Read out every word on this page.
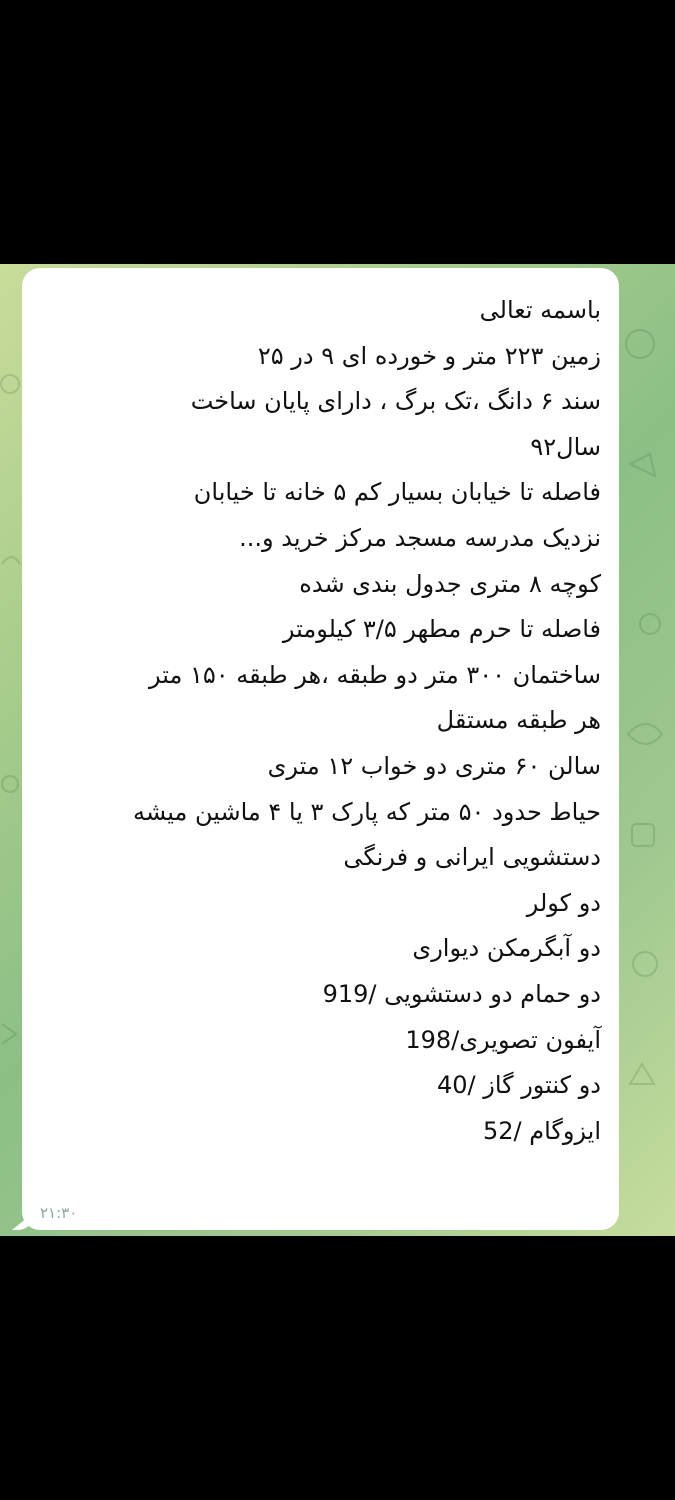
باسمه تعالی
زمین ۲۲۳ متر و خورده ای ۹ در ۲۵
سند ۶ دانگ ،تک برگ ، دارای پایان ساخت
سال۹۲
فاصله تا خیابان بسیار کم ۵ خانه تا خیابان
نزدیک مدرسه مسجد مرکز خرید و...
کوچه ۸ متری جدول بندی شده
فاصله تا حرم مطهر ۳/۵ کیلومتر
ساختمان ۳۰۰ متر دو طبقه ،هر طبقه ۱۵۰ متر
هر طبقه مستقل
سالن ۶۰ متری دو خواب ۱۲ متری
حیاط حدود ۵۰ متر که پارک ۳ یا ۴ ماشین میشه
دستشویی ایرانی و فرنگی
دو کولر
دو آبگرمکن دیواری
دو حمام دو دستشویی /919
آیفون تصویری/198
دو کنتور گاز /40
ایزوگام /52
۲۱:۳۰
